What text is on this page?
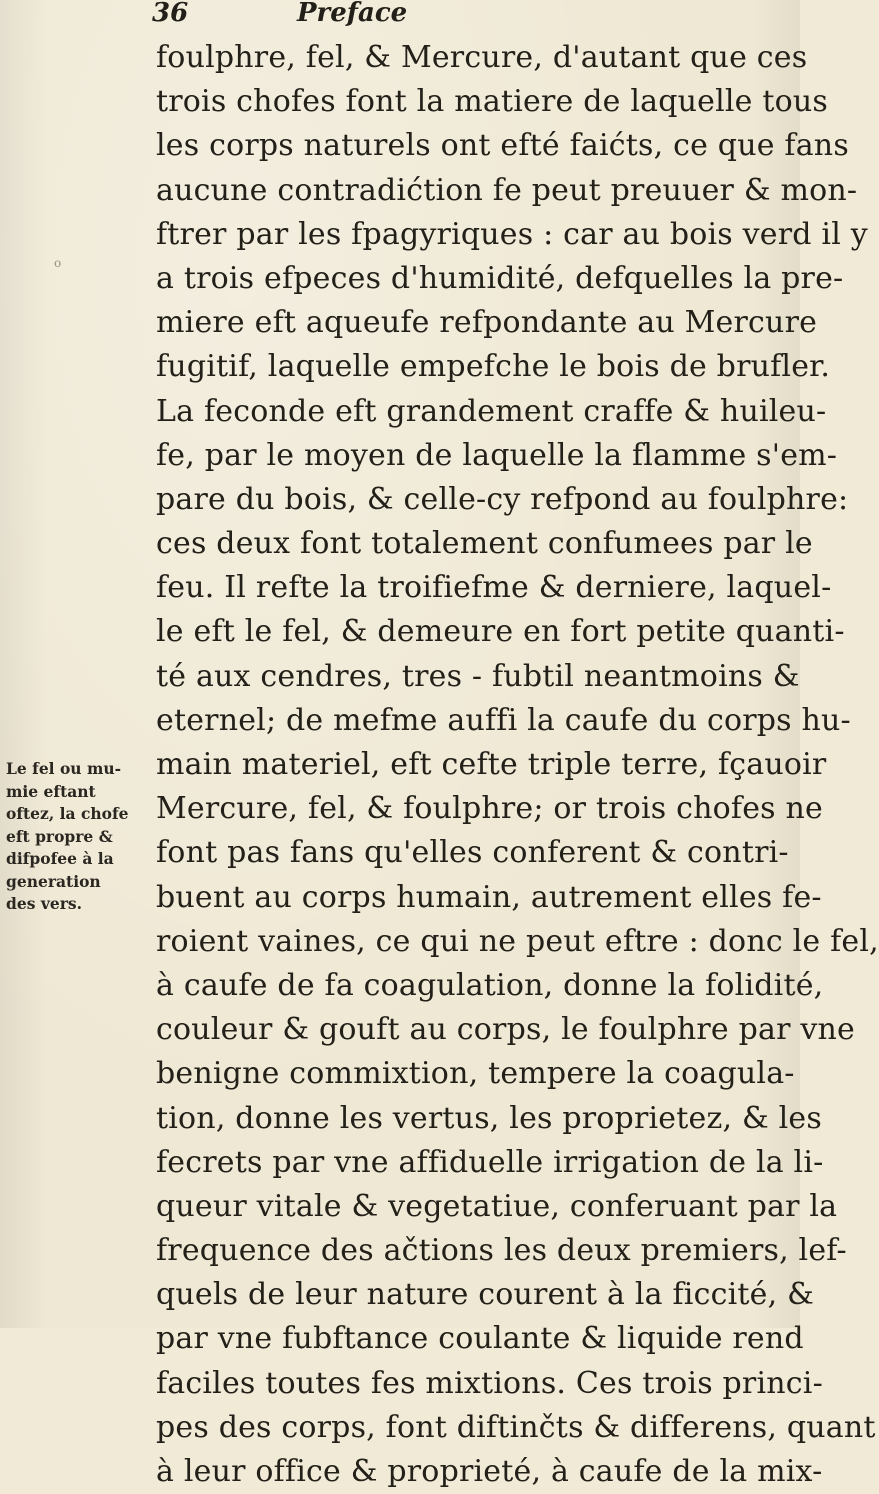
36	Preface
o
foulphre, fel, & Mercure, d'autant que ces
trois chofes font la matiere de laquelle tous
les corps naturels ont efté faićts, ce que fans
aucune contradićtion fe peut preuuer & mon-
ftrer par les fpagyriques : car au bois verd il y
a trois efpeces d'humidité, defquelles la pre-
miere eft aqueufe refpondante au Mercure
fugitif, laquelle empefche le bois de brufler.
La feconde eft grandement craffe & huileu-
fe, par le moyen de laquelle la flamme s'em-
pare du bois, & celle-cy refpond au foulphre:
ces deux font totalement confumees par le
feu. Il refte la troifiefme & derniere, laquel-
le eft le fel, & demeure en fort petite quanti-
té aux cendres, tres - fubtil neantmoins &
eternel; de mefme auffi la caufe du corps hu-
main materiel, eft cefte triple terre, fçauoir
Mercure, fel, & foulphre; or trois chofes ne
font pas fans qu'elles conferent & contri-
buent au corps humain, autrement elles fe-
roient vaines, ce qui ne peut eftre : donc le fel,
à caufe de fa coagulation, donne la folidité,
couleur & gouft au corps, le foulphre par vne
benigne commixtion, tempere la coagula-
tion, donne les vertus, les proprietez, & les
fecrets par vne affiduelle irrigation de la li-
queur vitale & vegetatiue, conferuant par la
frequence des ačtions les deux premiers, lef-
quels de leur nature courent à la ficcité, &
par vne fubftance coulante & liquide rend
faciles toutes fes mixtions. Ces trois princi-
pes des corps, font diftinčts & differens, quant
à leur office & proprieté, à caufe de la mix-
Le fel ou mu-
mie eftant
oftez, la chofe
eft propre &
difpofee à la
generation
des vers.
